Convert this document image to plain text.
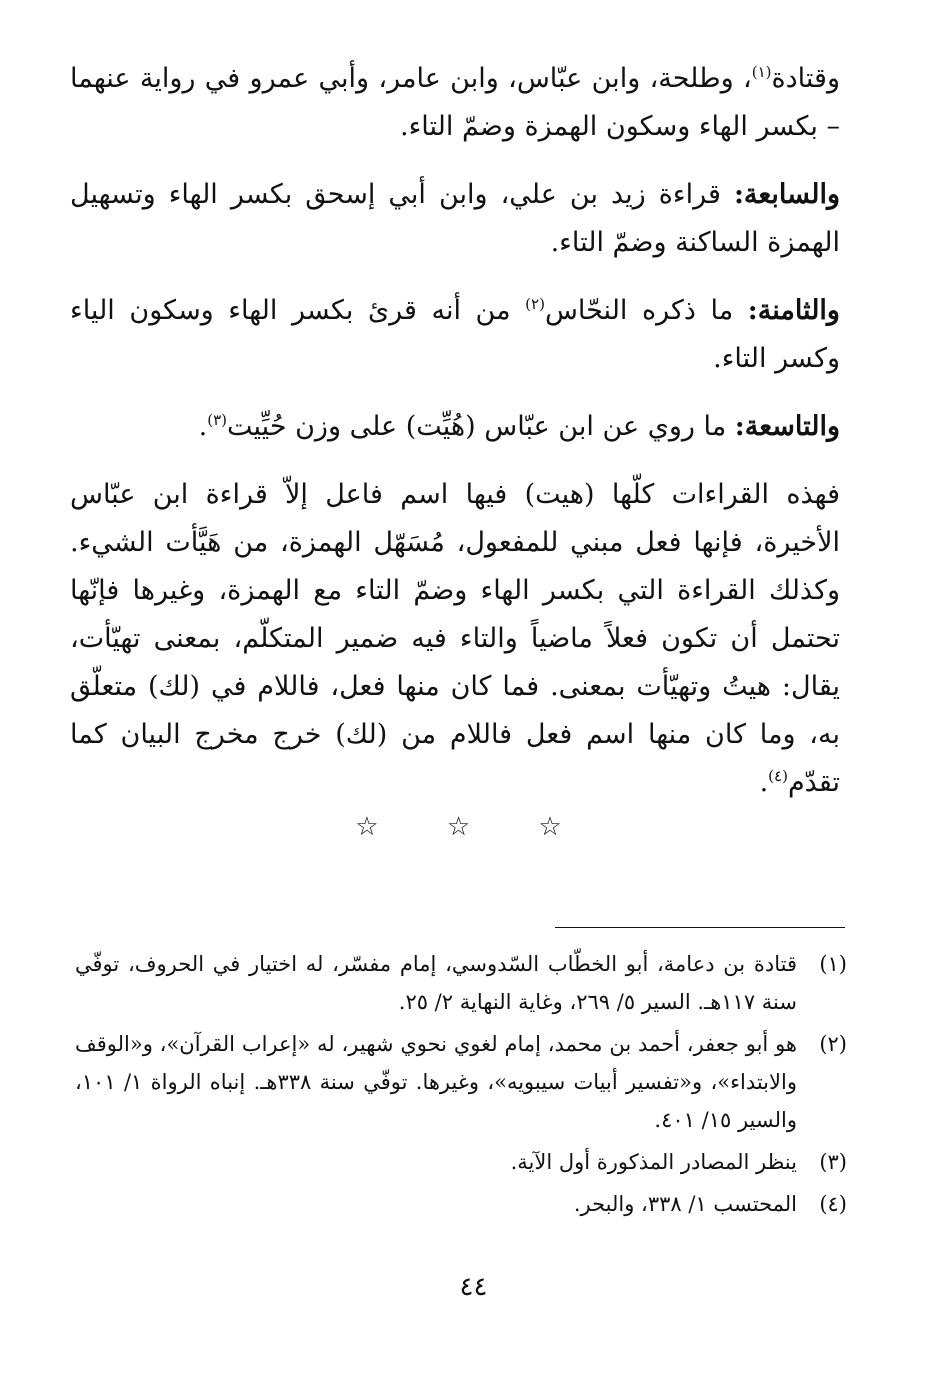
وقتادة$^{(١)}$، وطلحة، وابن عبّاس، وابن عامر، وأبي عمرو في رواية عنهما – بكسر الهاء وسكون الهمزة وضمّ التاء.

والسابعة: قراءة زيد بن علي، وابن أبي إسحق بكسر الهاء وتسهيل الهمزة الساكنة وضمّ التاء.

والثامنة: ما ذكره النحّاس$^{(٢)}$ من أنه قرئ بكسر الهاء وسكون الياء وكسر التاء.

والتاسعة: ما روي عن ابن عبّاس (هُيِّت) على وزن حُيِّيت$^{(٣)}$.

فهذه القراءات كلّها (هيت) فيها اسم فاعل إلاّ قراءة ابن عبّاس الأخيرة، فإنها فعل مبني للمفعول، مُسَهّل الهمزة، من هَيَّأت الشيء. وكذلك القراءة التي بكسر الهاء وضمّ التاء مع الهمزة، وغيرها فإنّها تحتمل أن تكون فعلاً ماضياً والتاء فيه ضمير المتكلّم، بمعنى تهيّأت، يقال: هيتُ وتهيّأت بمعنى. فما كان منها فعل، فاللام في (لك) متعلّق به، وما كان منها اسم فعل فاللام من (لك) خرج مخرج البيان كما تقدّم$^{(٤)}$.

☆ ☆ ☆
(١)
قتادة بن دعامة، أبو الخطّاب السّدوسي، إمام مفسّر، له اختيار في الحروف، توفّي سنة ١١٧هـ. السير ٥/ ٢٦٩، وغاية النهاية ٢/ ٢٥.
(٢)
هو أبو جعفر، أحمد بن محمد، إمام لغوي نحوي شهير، له «إعراب القرآن»، و«الوقف والابتداء»، و«تفسير أبيات سيبويه»، وغيرها. توفّي سنة ٣٣٨هـ. إنباه الرواة ١/ ١٠١، والسير ١٥/ ٤٠١.
(٣)
ينظر المصادر المذكورة أول الآية.
(٤)
المحتسب ١/ ٣٣٨، والبحر.
٤٤
